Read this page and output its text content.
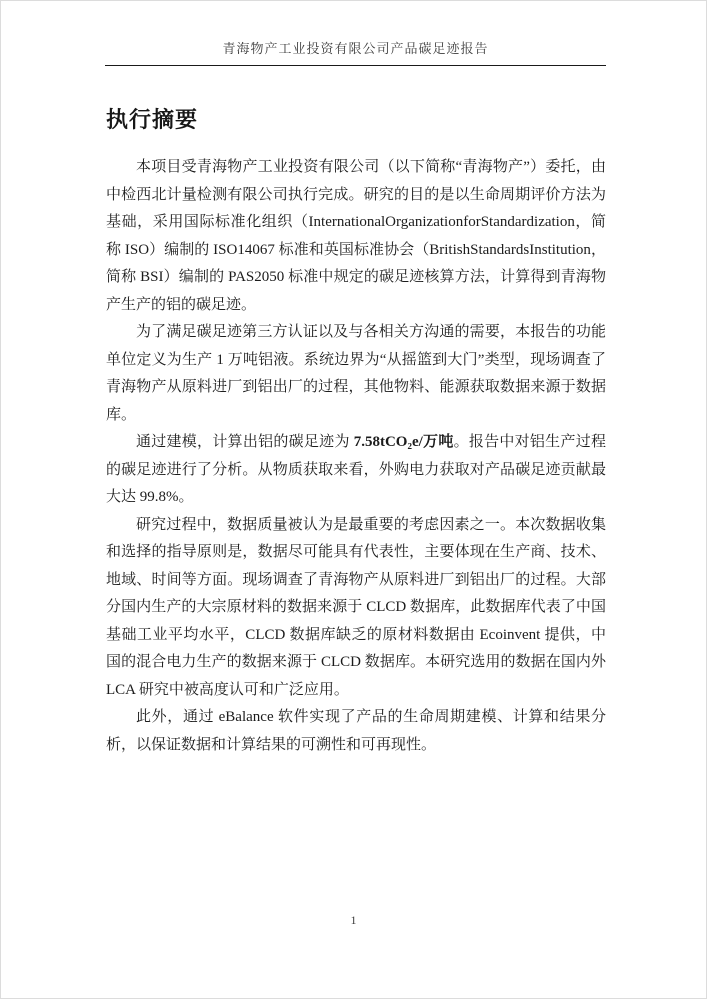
青海物产工业投资有限公司产品碳足迹报告
执行摘要

本项目受青海物产工业投资有限公司（以下简称“青海物产”）委托，由中检西北计量检测有限公司执行完成。研究的目的是以生命周期评价方法为基础，采用国际标准化组织（InternationalOrganizationforStandardization，简称 ISO）编制的 ISO14067 标准和英国标准协会（BritishStandardsInstitution，简称 BSI）编制的 PAS2050 标准中规定的碳足迹核算方法，计算得到青海物产生产的铝的碳足迹。

为了满足碳足迹第三方认证以及与各相关方沟通的需要，本报告的功能单位定义为生产 1 万吨铝液。系统边界为“从摇篮到大门”类型，现场调查了青海物产从原料进厂到铝出厂的过程，其他物料、能源获取数据来源于数据库。

通过建模，计算出铝的碳足迹为 7.58tCO₂e/万吨。报告中对铝生产过程的碳足迹进行了分析。从物质获取来看，外购电力获取对产品碳足迹贡献最大达 99.8%。

研究过程中，数据质量被认为是最重要的考虑因素之一。本次数据收集和选择的指导原则是，数据尽可能具有代表性，主要体现在生产商、技术、地域、时间等方面。现场调查了青海物产从原料进厂到铝出厂的过程。大部分国内生产的大宗原材料的数据来源于 CLCD 数据库，此数据库代表了中国基础工业平均水平，CLCD 数据库缺乏的原材料数据由 Ecoinvent 提供，中国的混合电力生产的数据来源于 CLCD 数据库。本研究选用的数据在国内外 LCA 研究中被高度认可和广泛应用。

此外，通过 eBalance 软件实现了产品的生命周期建模、计算和结果分析，以保证数据和计算结果的可溯性和可再现性。

1
